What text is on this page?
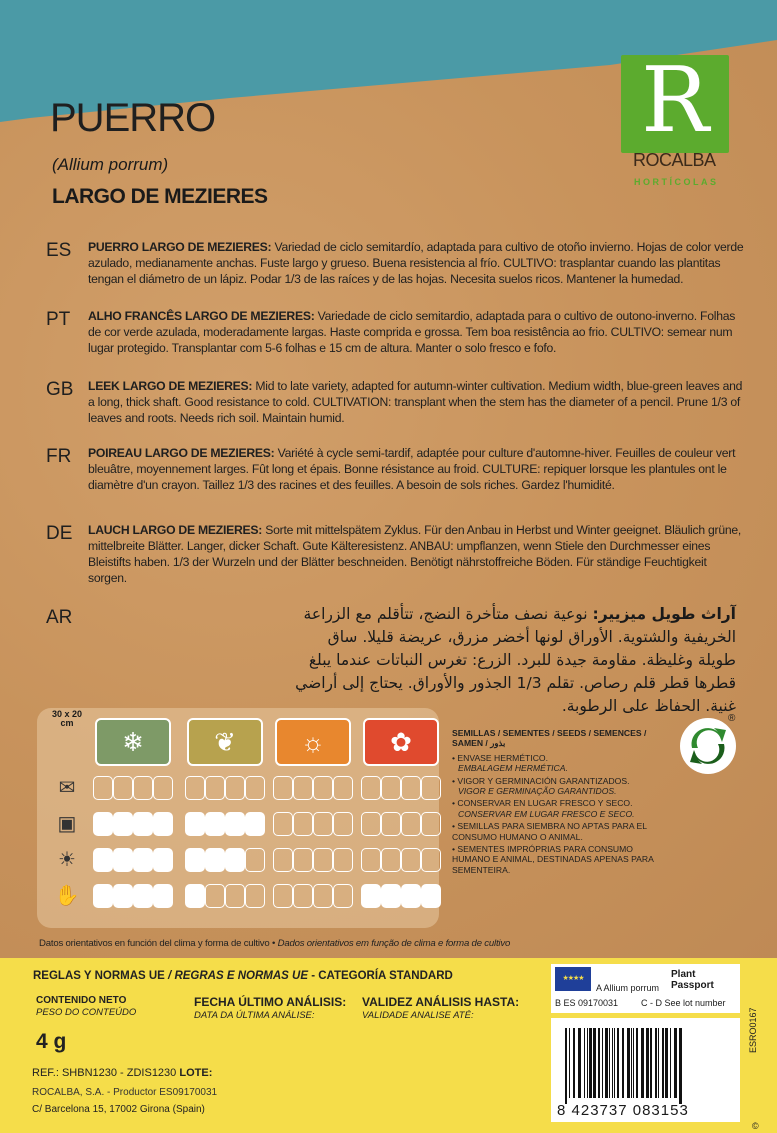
R
ROCALBA
HORTÍCOLAS
PUERRO
(Allium porrum)
LARGO DE MEZIERES
ES PUERRO LARGO DE MEZIERES: Variedad de ciclo semitardío, adaptada para cultivo de otoño invierno. Hojas de color verde azulado, medianamente anchas. Fuste largo y grueso. Buena resistencia al frío. CULTIVO: trasplantar cuando las plantitas tengan el diámetro de un lápiz. Podar 1/3 de las raíces y de las hojas. Necesita suelos ricos. Mantener la humedad.
PT ALHO FRANCÊS LARGO DE MEZIERES: Variedade de ciclo semitardio, adaptada para o cultivo de outono-inverno. Folhas de cor verde azulada, moderadamente largas. Haste comprida e grossa. Tem boa resistência ao frio. CULTIVO: semear num lugar protegido. Transplantar com 5-6 folhas e 15 cm de altura. Manter o solo fresco e fofo.
GB LEEK LARGO DE MEZIERES: Mid to late variety, adapted for autumn-winter cultivation. Medium width, blue-green leaves and a long, thick shaft. Good resistance to cold. CULTIVATION: transplant when the stem has the diameter of a pencil. Prune 1/3 of leaves and roots. Needs rich soil. Maintain humid.
FR POIREAU LARGO DE MEZIERES: Variété à cycle semi-tardif, adaptée pour culture d'automne-hiver. Feuilles de couleur vert bleuâtre, moyennement larges. Fût long et épais. Bonne résistance au froid. CULTURE: repiquer lorsque les plantules ont le diamètre d'un crayon. Taillez 1/3 des racines et des feuilles. A besoin de sols riches. Gardez l'humidité.
DE LAUCH LARGO DE MEZIERES: Sorte mit mittelspätem Zyklus. Für den Anbau in Herbst und Winter geeignet. Bläulich grüne, mittelbreite Blätter. Langer, dicker Schaft. Gute Kälteresistenz. ANBAU: umpflanzen, wenn Stiele den Durchmesser eines Bleistifts haben. 1/3 der Wurzeln und der Blätter beschneiden. Benötigt nährstoffreiche Böden. Für ständige Feuchtigkeit sorgen.
AR	آراث طويل ميزيير: نوعية نصف متأخرة النضج، تتأقلم مع الزراعة الخريفية والشتوية. الأوراق لونها أخضر مزرق، عريضة قليلا. ساق طويلة وغليظة. مقاومة جيدة للبرد. الزرع: تغرس النباتات عندما يبلغ قطرها قطر قلم رصاص. تقلم 1/3 الجذور والأوراق. يحتاج إلى أراضي غنية. الحفاظ على الرطوبة.
30 x 20 cm
❄	❦	☼	✿
✉
▣
☀
✋
SEMILLAS / SEMENTES / SEEDS / SEMENCES / SAMEN / بذور
• ENVASE HERMÉTICO.
EMBALAGEM HERMÉTICA.
• VIGOR Y GERMINACIÓN GARANTIZADOS.
VIGOR E GERMINAÇÃO GARANTIDOS.
• CONSERVAR EN LUGAR FRESCO Y SECO.
CONSERVAR EM LUGAR FRESCO E SECO.
• SEMILLAS PARA SIEMBRA NO APTAS PARA EL CONSUMO HUMANO O ANIMAL.
• SEMENTES IMPRÓPRIAS PARA CONSUMO HUMANO E ANIMAL, DESTINADAS APENAS PARA SEMENTEIRA.
®
Datos orientativos en función del clima y forma de cultivo • Dados orientativos em função de clima e forma de cultivo
REGLAS Y NORMAS UE / REGRAS E NORMAS UE - CATEGORÍA STANDARD
CONTENIDO NETO
PESO DO CONTEÚDO
4 g
FECHA ÚLTIMO ANÁLISIS:
DATA DA ÚLTIMA ANÁLISE:
VALIDEZ ANÁLISIS HASTA:
VALIDADE ANALISE ATÉ:
REF.: SHBN1230 - ZDIS1230 LOTE:
ROCALBA, S.A. - Productor ES09170031
C/ Barcelona 15, 17002 Girona (Spain)
ESRO0167
©
★★★★	Plant Passport
A Allium porrum
B ES 09170031	C - D See lot number
8 423737 083153
